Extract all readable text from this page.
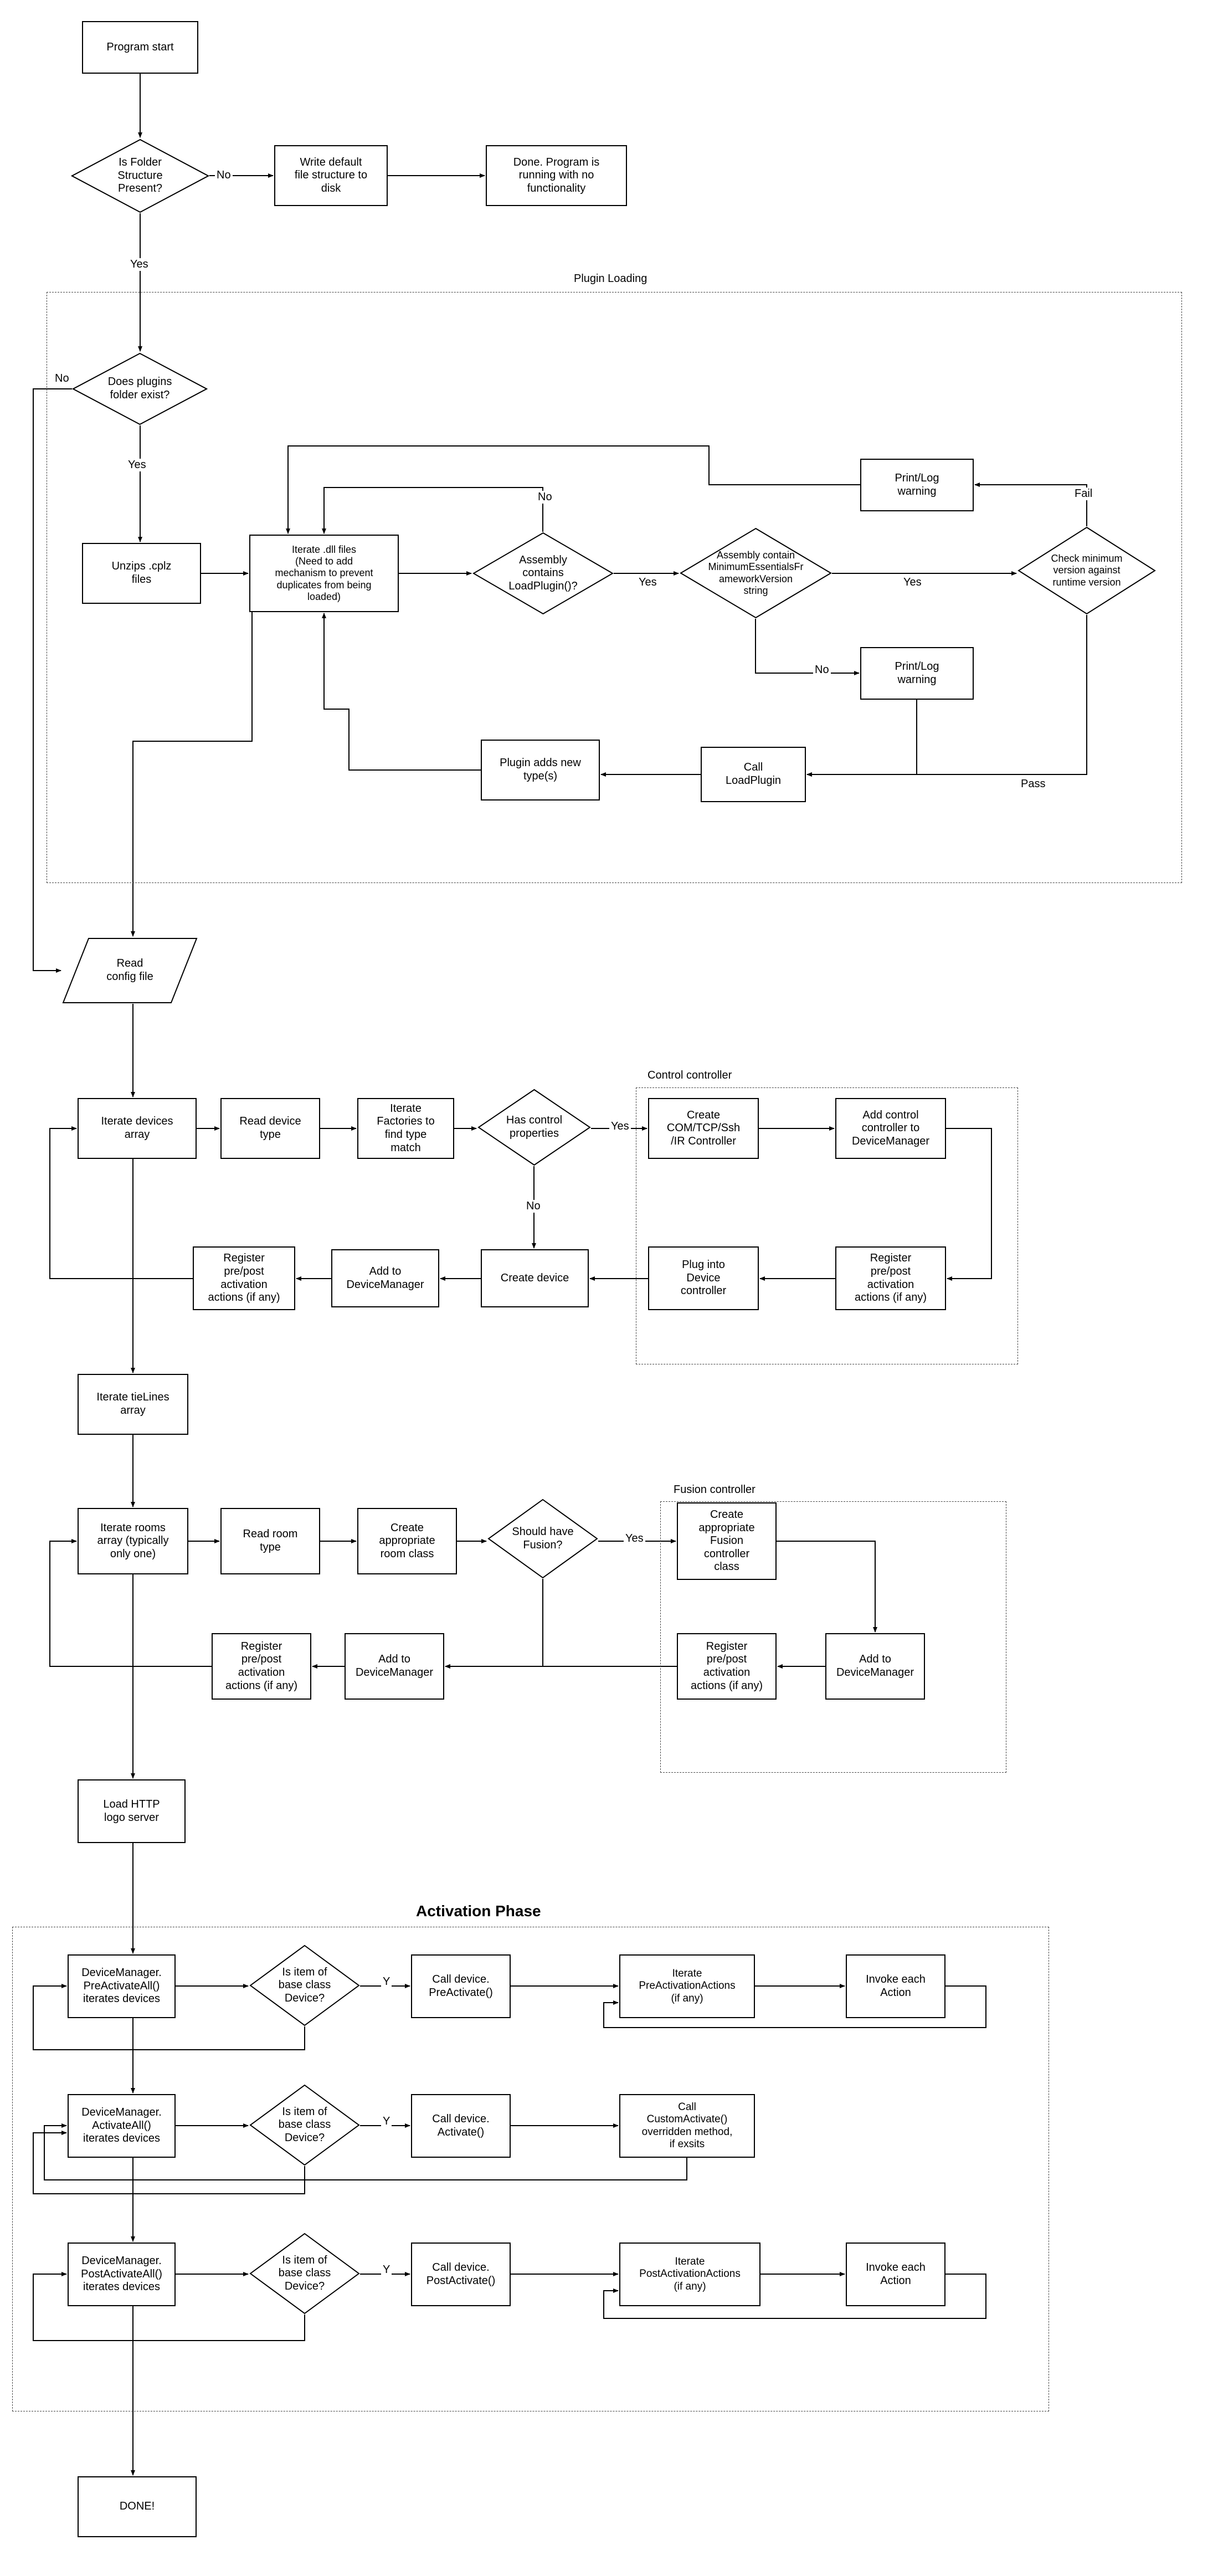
Plugin Loading
Control controller
Fusion controller
Activation Phase
Program start
Is Folder
Structure
Present?
Write default
file structure to
disk
Done. Program is
running with no
functionality
Does plugins
folder exist?
Unzips .cplz
files
Iterate .dll files
(Need to add
mechanism to prevent
duplicates from being
loaded)
Assembly
contains
LoadPlugin()?
Assembly contain
MinimumEssentialsFr
ameworkVersion
string
Check minimum
version against
runtime version
Print/Log
warning
Print/Log
warning
Call
LoadPlugin
Plugin adds new
type(s)
Read
config file
Iterate devices
array
Read device
type
Iterate
Factories to
find type
match
Has control
properties
Create
COM/TCP/Ssh
/IR Controller
Add control
controller to
DeviceManager
Register
pre/post
activation
actions (if any)
Plug into
Device
controller
Create device
Add to
DeviceManager
Register
pre/post
activation
actions (if any)
Iterate tieLines
array
Iterate rooms
array (typically
only one)
Read room
type
Create
appropriate
room class
Should have
Fusion?
Create
appropriate
Fusion
controller
class
Register
pre/post
activation
actions (if any)
Add to
DeviceManager
Add to
DeviceManager
Register
pre/post
activation
actions (if any)
Load HTTP
logo server
DeviceManager.
PreActivateAll()
iterates devices
Is item of
base class
Device?
Call device.
PreActivate()
Iterate
PreActivationActions
(if any)
Invoke each
Action
DeviceManager.
ActivateAll()
iterates devices
Is item of
base class
Device?
Call device.
Activate()
Call
CustomActivate()
overridden method,
if exsits
DeviceManager.
PostActivateAll()
iterates devices
Is item of
base class
Device?
Call device.
PostActivate()
Iterate
PostActivationActions
(if any)
Invoke each
Action
DONE!
No
Yes
No
Yes
No
Yes	Yes
No
Fail
Pass
Yes
No
Yes
Y
Y
Y
